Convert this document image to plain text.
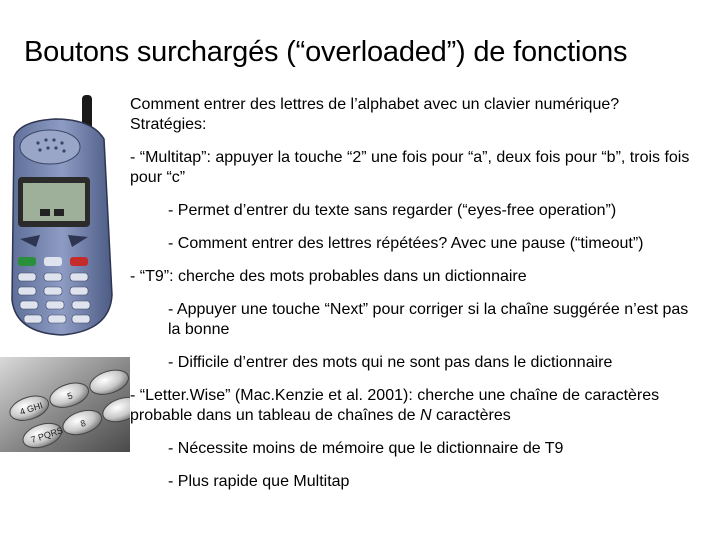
Boutons surchargés (“overloaded”) de fonctions
4 GHI
7 PQRS
5
8
Comment entrer des lettres de l’alphabet avec un clavier numérique?
Stratégies:
- “Multitap”: appuyer la touche “2” une fois pour “a”, deux fois pour “b”, trois fois pour “c”
- Permet d’entrer du texte sans regarder (“eyes-free operation”)
- Comment entrer des lettres répétées? Avec une pause (“timeout”)
- “T9”: cherche des mots probables dans un dictionnaire
- Appuyer une touche “Next” pour corriger si la chaîne suggérée n’est pas la bonne
- Difficile d’entrer des mots qui ne sont pas dans le dictionnaire
- “Letter.Wise” (Mac.Kenzie et al. 2001): cherche une chaîne de caractères probable dans un tableau de chaînes de N caractères
- Nécessite moins de mémoire que le dictionnaire de T9
- Plus rapide que Multitap
